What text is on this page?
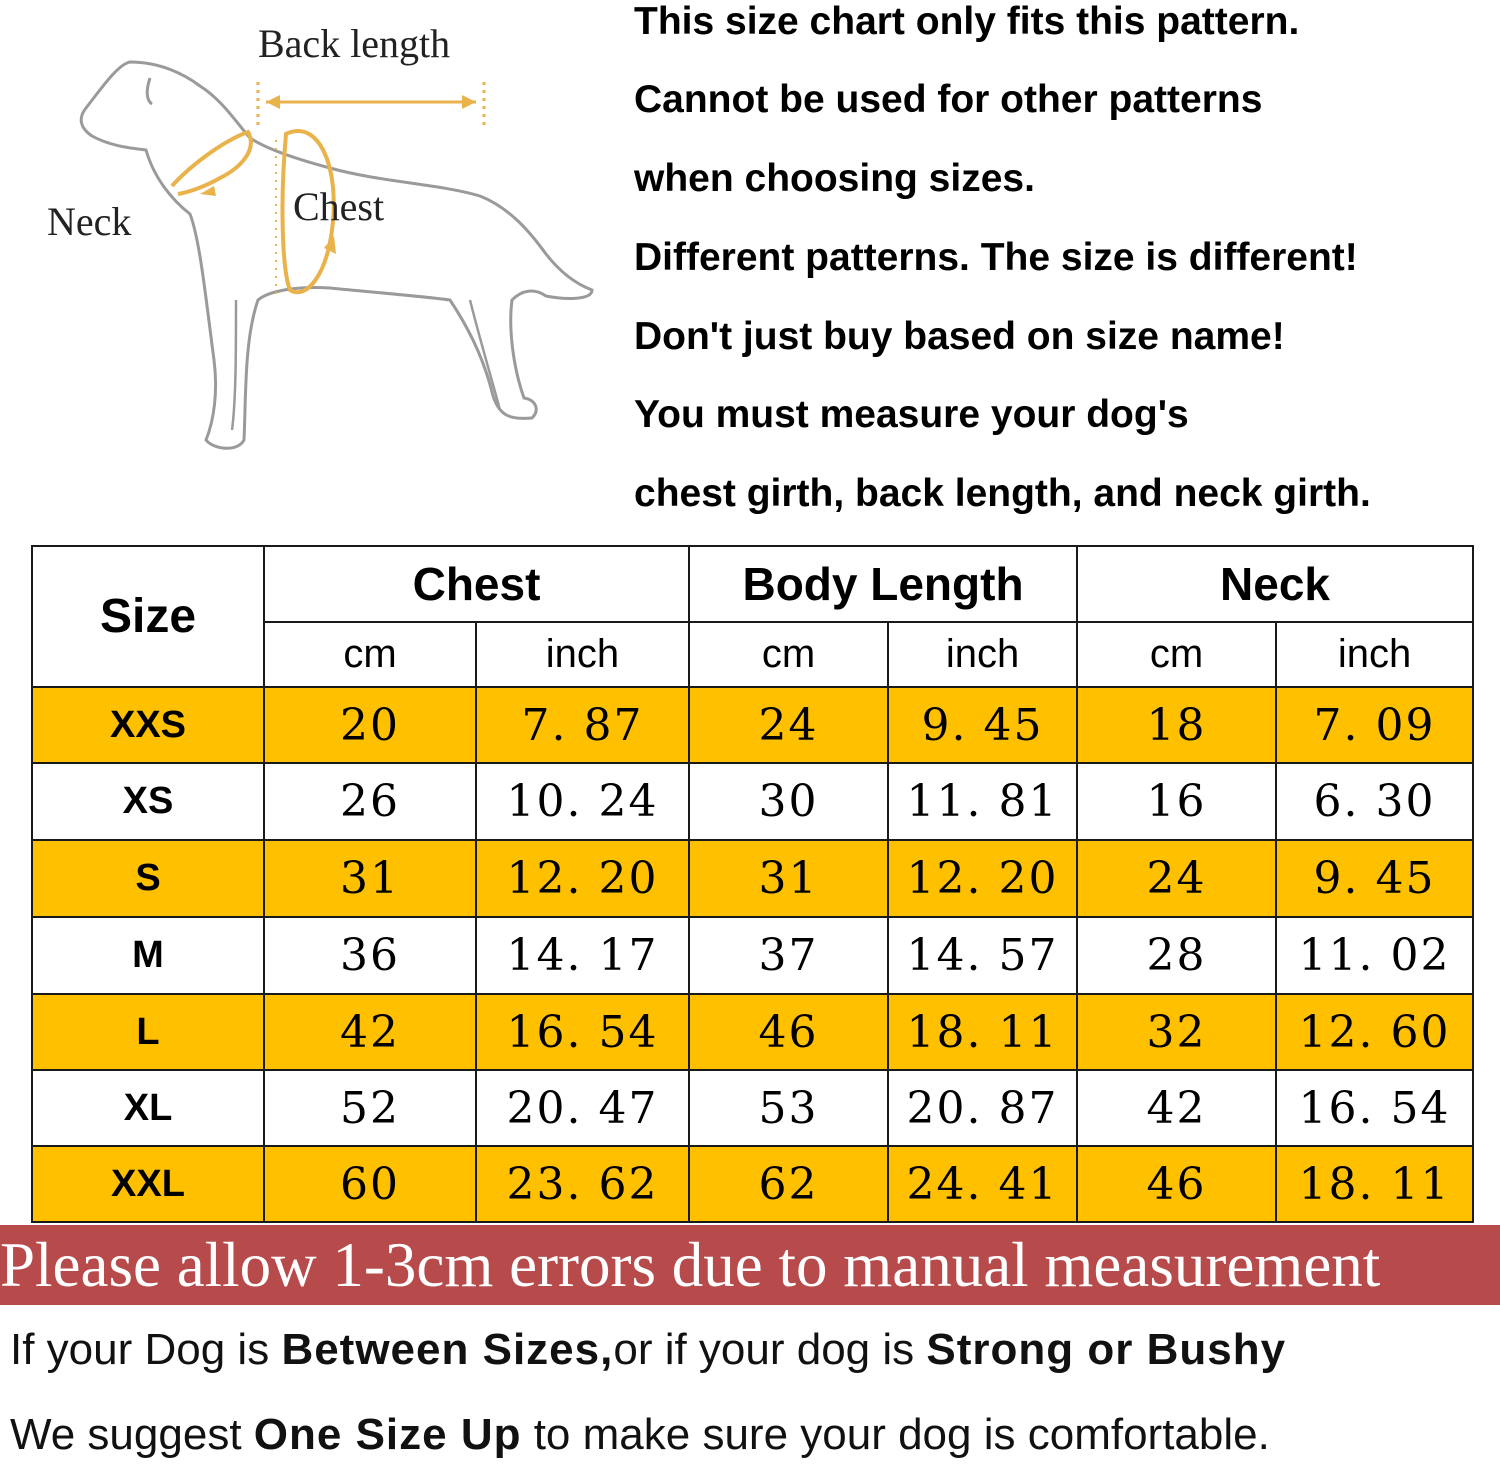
Back length
Neck	Chest
This size chart only fits this pattern.
Cannot be used for other patterns
when choosing sizes.
Different patterns. The size is different!
Don't just buy based on size name!
You must measure your dog's
chest girth, back length, and neck girth.
Size	Chest		Body Length		Neck	
	cm	inch	cm	inch	cm	inch
XXS	20	7. 87	24	9. 45	18	7. 09
XS	26	10. 24	30	11. 81	16	6. 30
S	31	12. 20	31	12. 20	24	9. 45
M	36	14. 17	37	14. 57	28	11. 02
L	42	16. 54	46	18. 11	32	12. 60
XL	52	20. 47	53	20. 87	42	16. 54
XXL	60	23. 62	62	24. 41	46	18. 11
Please allow 1-3cm errors due to manual measurement
If your Dog is Between Sizes,or if your dog is Strong or Bushy
We suggest One Size Up to make sure your dog is comfortable.
